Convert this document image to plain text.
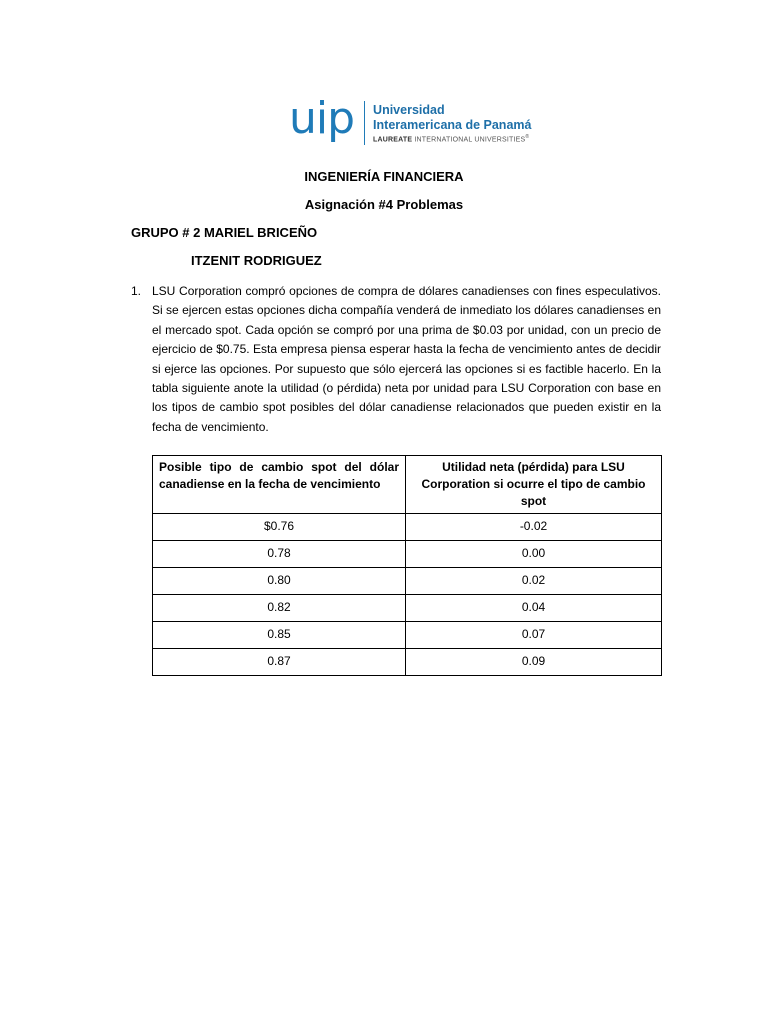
uip Universidad
Interamericana de Panamá
LAUREATE INTERNATIONAL UNIVERSITIES®
INGENIERÍA FINANCIERA
Asignación #4 Problemas
GRUPO # 2 MARIEL BRICEÑO
ITZENIT RODRIGUEZ
1. LSU Corporation compró opciones de compra de dólares canadienses con fines especulativos. Si se ejercen estas opciones dicha compañía venderá de inmediato los dólares canadienses en el mercado spot. Cada opción se compró por una prima de $0.03 por unidad, con un precio de ejercicio de $0.75. Esta empresa piensa esperar hasta la fecha de vencimiento antes de decidir si ejerce las opciones. Por supuesto que sólo ejercerá las opciones si es factible hacerlo. En la tabla siguiente anote la utilidad (o pérdida) neta por unidad para LSU Corporation con base en los tipos de cambio spot posibles del dólar canadiense relacionados que pueden existir en la fecha de vencimiento.
Posible tipo de cambio spot del dólar canadiense en la fecha de vencimiento	Utilidad neta (pérdida) para LSU Corporation si ocurre el tipo de cambio spot
$0.76	-0.02
0.78	0.00
0.80	0.02
0.82	0.04
0.85	0.07
0.87	0.09
